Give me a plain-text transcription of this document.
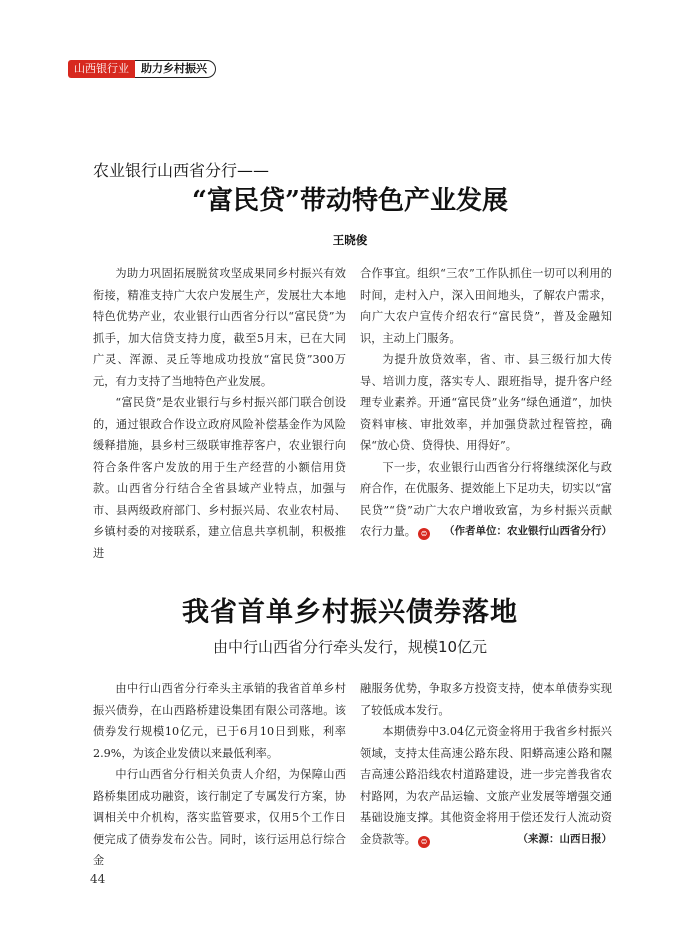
山西银行业	助力乡村振兴
农业银行山西省分行——
“富民贷”带动特色产业发展
王晓俊

为助力巩固拓展脱贫攻坚成果同乡村振兴有效衔接，精准支持广大农户发展生产，发展壮大本地特色优势产业，农业银行山西省分行以“富民贷”为抓手，加大信贷支持力度，截至5月末，已在大同广灵、浑源、灵丘等地成功投放“富民贷”300万元，有力支持了当地特色产业发展。

“富民贷”是农业银行与乡村振兴部门联合创设的，通过银政合作设立政府风险补偿基金作为风险缓释措施，县乡村三级联审推荐客户，农业银行向符合条件客户发放的用于生产经营的小额信用贷款。山西省分行结合全省县域产业特点，加强与市、县两级政府部门、乡村振兴局、农业农村局、乡镇村委的对接联系，建立信息共享机制，积极推进

合作事宜。组织“三农”工作队抓住一切可以利用的时间，走村入户，深入田间地头，了解农户需求，向广大农户宣传介绍农行“富民贷”，普及金融知识，主动上门服务。

为提升放贷效率，省、市、县三级行加大传导、培训力度，落实专人、跟班指导，提升客户经理专业素养。开通“富民贷”业务“绿色通道”，加快资料审核、审批效率，并加强贷款过程管控，确保“放心贷、贷得快、用得好”。

下一步，农业银行山西省分行将继续深化与政府合作，在优服务、提效能上下足功夫，切实以“富民贷”“贷”动广大农户增收致富，为乡村振兴贡献农行力量。 ⊜ （作者单位：农业银行山西省分行）

我省首单乡村振兴债券落地
由中行山西省分行牵头发行，规模10亿元

由中行山西省分行牵头主承销的我省首单乡村振兴债券，在山西路桥建设集团有限公司落地。该债券发行规模10亿元，已于6月10日到账，利率2.9%，为该企业发债以来最低利率。

中行山西省分行相关负责人介绍，为保障山西路桥集团成功融资，该行制定了专属发行方案，协调相关中介机构，落实监管要求，仅用5个工作日便完成了债券发布公告。同时，该行运用总行综合金

融服务优势，争取多方投资支持，使本单债券实现了较低成本发行。

本期债券中3.04亿元资金将用于我省乡村振兴领域，支持太佳高速公路东段、阳蟒高速公路和隰吉高速公路沿线农村道路建设，进一步完善我省农村路网，为农产品运输、文旅产业发展等增强交通基础设施支撑。其他资金将用于偿还发行人流动资金贷款等。 ⊜	（来源：山西日报）

44
